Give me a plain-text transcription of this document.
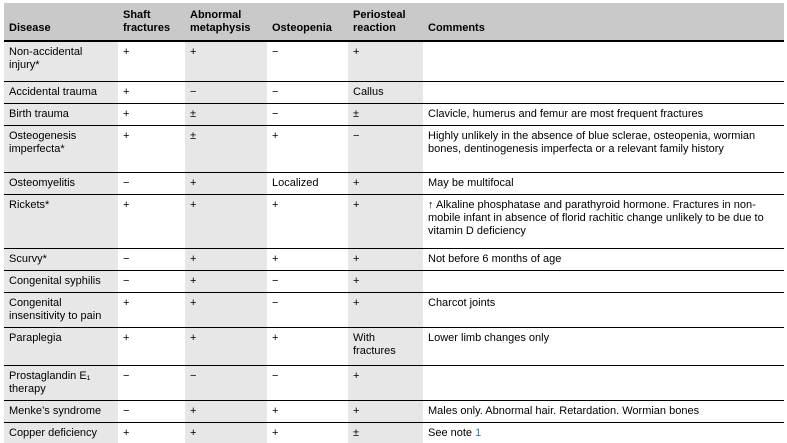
Disease	Shaft fractures	Abnormal metaphysis	Osteopenia	Periosteal reaction	Comments
Non-accidental injury*	+	+	−	+	
Accidental trauma	+	−	−	Callus	
Birth trauma	+	±	−	±	Clavicle, humerus and femur are most frequent fractures
Osteogenesis imperfecta*	+	±	+	−	Highly unlikely in the absence of blue sclerae, osteopenia, wormian bones, dentinogenesis imperfecta or a relevant family history
Osteomyelitis	−	+	Localized	+	May be multifocal
Rickets*	+	+	+	+	↑ Alkaline phosphatase and parathyroid hormone. Fractures in non-mobile infant in absence of florid rachitic change unlikely to be due to vitamin D deficiency
Scurvy*	−	+	+	+	Not before 6 months of age
Congenital syphilis	−	+	−	+	
Congenital insensitivity to pain	+	+	−	+	Charcot joints
Paraplegia	+	+	+	With fractures	Lower limb changes only
Prostaglandin E₁ therapy	−	−	−	+	
Menke’s syndrome	−	+	+	+	Males only. Abnormal hair. Retardation. Wormian bones
Copper deficiency	+	+	+	±	See note 1
